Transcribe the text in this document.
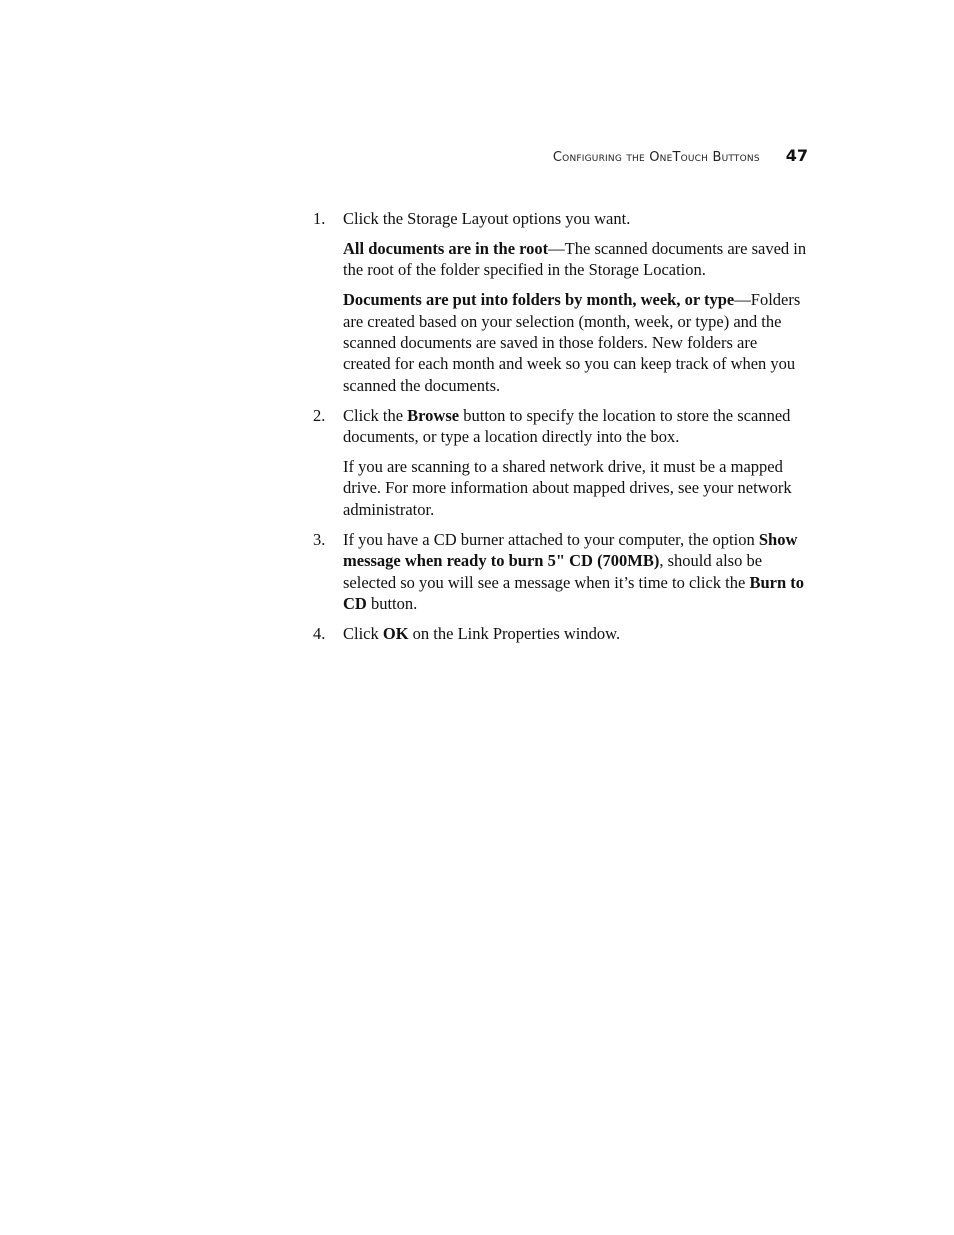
Configuring the OneTouch Buttons 47
1. Click the Storage Layout options you want.

All documents are in the root—The scanned documents are saved in the root of the folder specified in the Storage Location.

Documents are put into folders by month, week, or type—Folders are created based on your selection (month, week, or type) and the scanned documents are saved in those folders. New folders are created for each month and week so you can keep track of when you scanned the documents.

2. Click the Browse button to specify the location to store the scanned documents, or type a location directly into the box.

If you are scanning to a shared network drive, it must be a mapped drive. For more information about mapped drives, see your network administrator.

3. If you have a CD burner attached to your computer, the option Show message when ready to burn 5" CD (700MB), should also be selected so you will see a message when it’s time to click the Burn to CD button.

4. Click OK on the Link Properties window.
